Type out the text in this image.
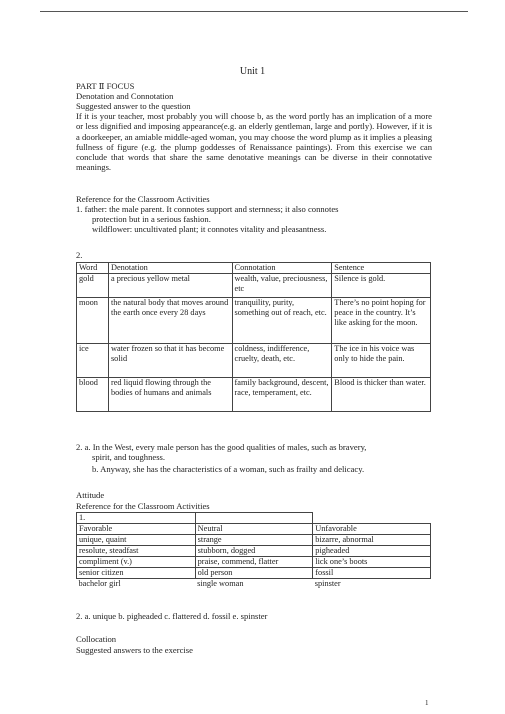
Unit 1
PART Ⅱ FOCUS
Denotation and Connotation
Suggested answer to the question
If it is your teacher, most probably you will choose b, as the word portly has an implication of a more or less dignified and imposing appearance(e.g. an elderly gentleman, large and portly). However, if it is a doorkeeper, an amiable middle-aged woman, you may choose the word plump as it implies a pleasing fullness of figure (e.g. the plump goddesses of Renaissance paintings). From this exercise we can conclude that words that share the same denotative meanings can be diverse in their connotative meanings.
Reference for the Classroom Activities
1. father: the male parent. It connotes support and sternness; it also connotes
protection but in a serious fashion.
wildflower: uncultivated plant; it connotes vitality and pleasantness.
2.
Word	Denotation	Connotation	Sentence
gold	a precious yellow metal	wealth, value, preciousness, etc	Silence is gold.
moon	the natural body that moves around the earth once every 28 days	tranquility, purity, something out of reach, etc.	There’s no point hoping for peace in the country. It’s like asking for the moon.
ice	water frozen so that it has become solid	coldness, indifference, cruelty, death, etc.	The ice in his voice was only to hide the pain.
blood	red liquid flowing through the bodies of humans and animals	family background, descent, race, temperament, etc.	Blood is thicker than water.
2. a. In the West, every male person has the good qualities of males, such as bravery,
spirit, and toughness.
b. Anyway, she has the characteristics of a woman, such as frailty and delicacy.
Attitude
Reference for the Classroom Activities
1.		
Favorable	Neutral	Unfavorable
unique, quaint	strange	bizarre, abnormal
resolute, steadfast	stubborn, dogged	pigheaded
compliment (v.)	praise, commend, flatter	lick one’s boots
senior citizen	old person	fossil
bachelor girl	single woman	spinster
2. a. unique b. pigheaded c. flattered d. fossil e. spinster
Collocation
Suggested answers to the exercise
1
